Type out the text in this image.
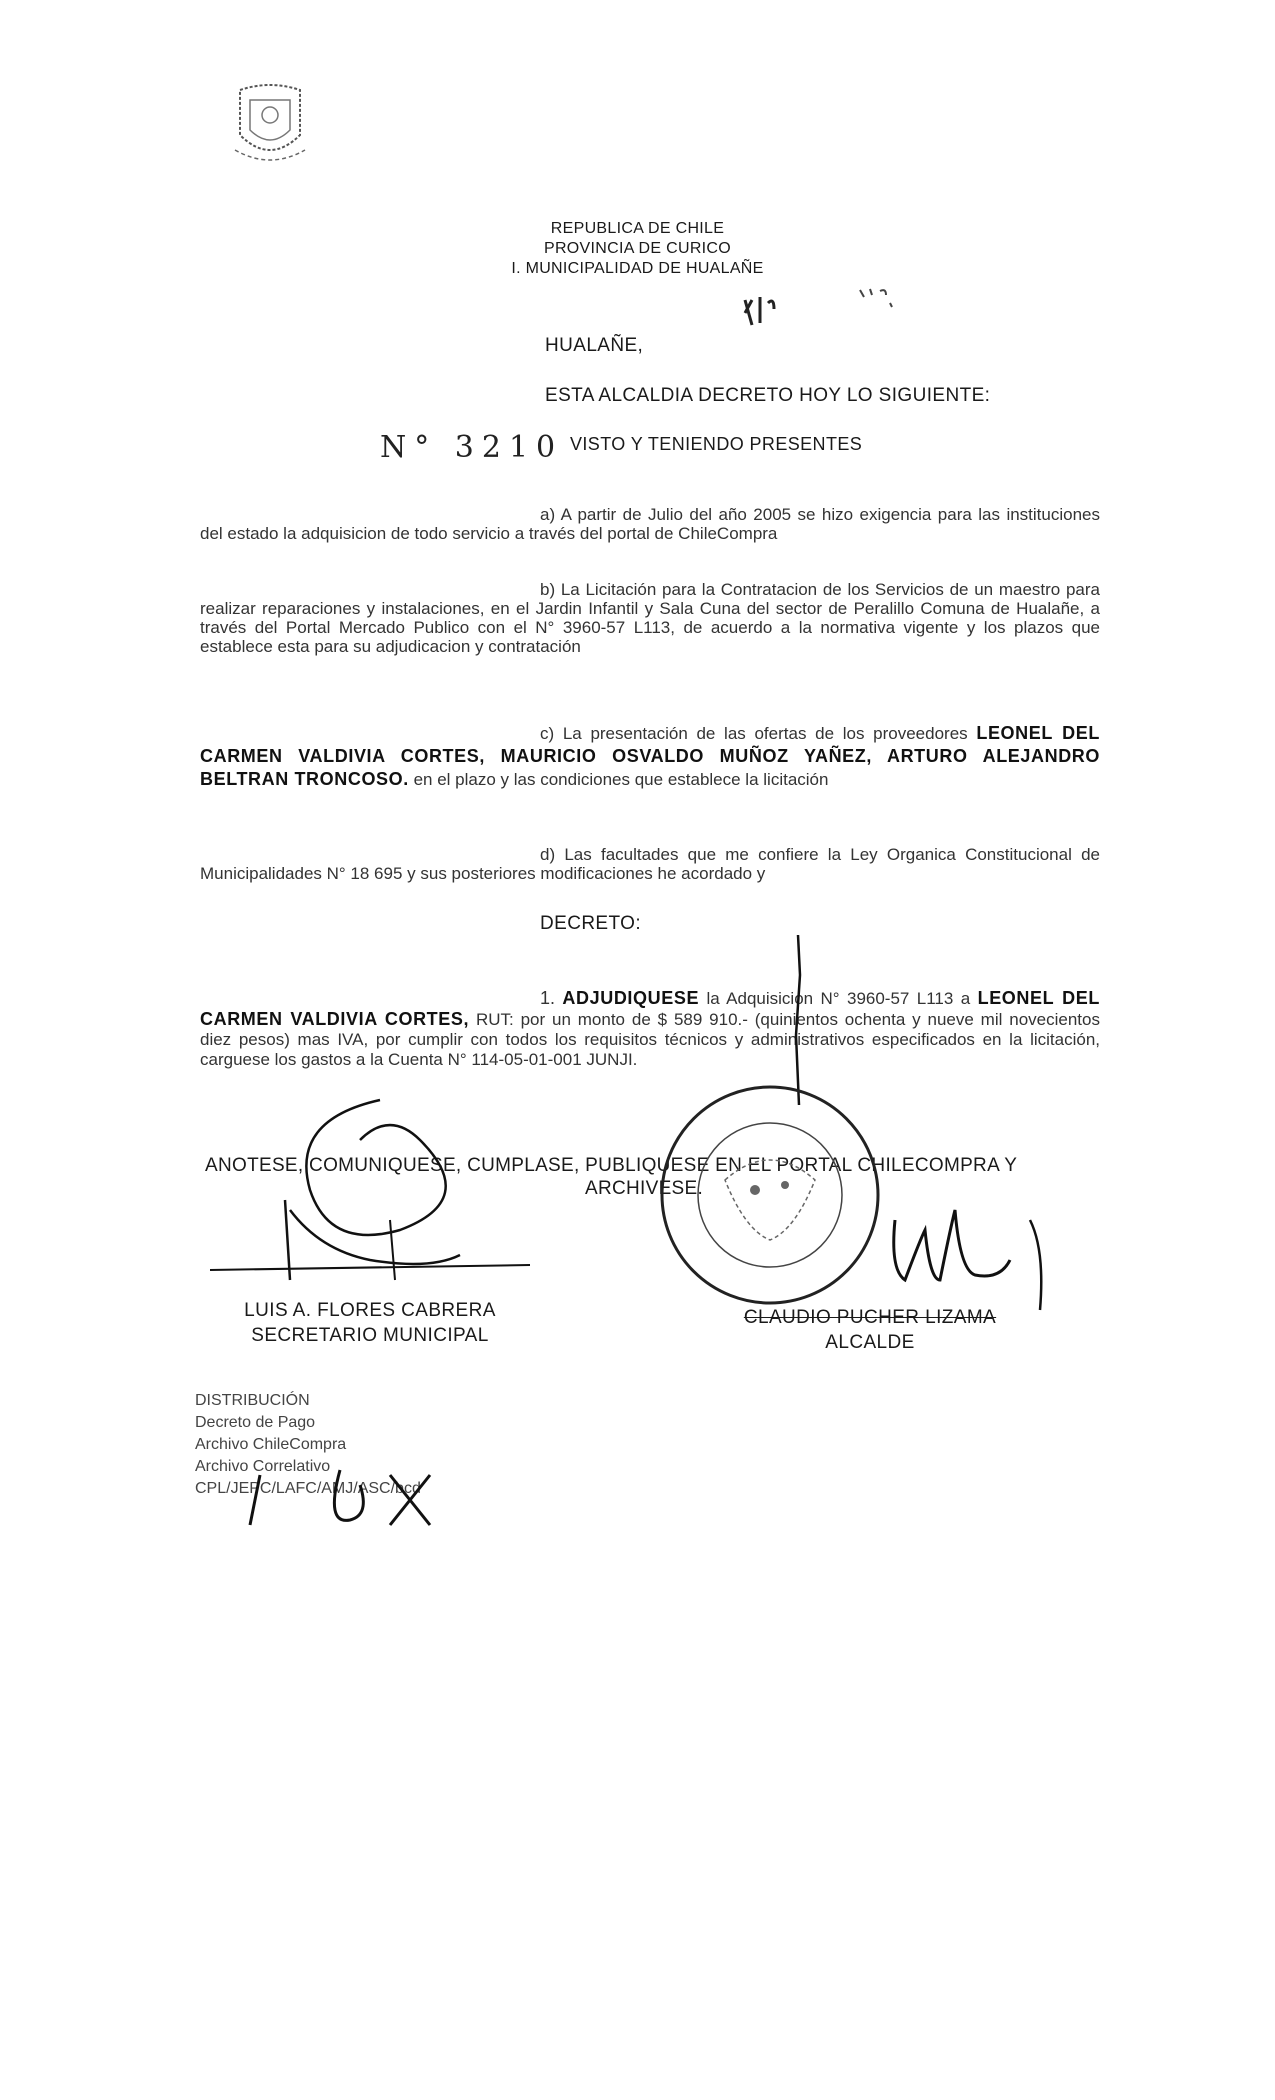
REPUBLICA DE CHILE
PROVINCIA DE CURICO
I. MUNICIPALIDAD DE HUALAÑE
HUALAÑE,
ESTA ALCALDIA DECRETO HOY LO SIGUIENTE:
N° 3210 VISTO Y TENIENDO PRESENTES
a) A partir de Julio del año 2005 se hizo exigencia para las instituciones del estado la adquisicion de todo servicio a través del portal de ChileCompra
b) La Licitación para la Contratacion de los Servicios de un maestro para realizar reparaciones y instalaciones, en el Jardin Infantil y Sala Cuna del sector de Peralillo Comuna de Hualañe, a través del Portal Mercado Publico con el N° 3960-57 L113, de acuerdo a la normativa vigente y los plazos que establece esta para su adjudicacion y contratación
c) La presentación de las ofertas de los proveedores LEONEL DEL CARMEN VALDIVIA CORTES, MAURICIO OSVALDO MUÑOZ YAÑEZ, ARTURO ALEJANDRO BELTRAN TRONCOSO. en el plazo y las condiciones que establece la licitación
d) Las facultades que me confiere la Ley Organica Constitucional de Municipalidades N° 18 695 y sus posteriores modificaciones he acordado y
DECRETO:
1. ADJUDIQUESE la Adquisicion N° 3960-57 L113 a LEONEL DEL CARMEN VALDIVIA CORTES, RUT: por un monto de $ 589 910.- (quinientos ochenta y nueve mil novecientos diez pesos) mas IVA, por cumplir con todos los requisitos técnicos y administrativos especificados en la licitación, carguese los gastos a la Cuenta N° 114-05-01-001 JUNJI.
ANOTESE, COMUNIQUESE, CUMPLASE, PUBLIQUESE EN EL PORTAL CHILECOMPRA Y
ARCHIVESE.
LUIS A. FLORES CABRERA
SECRETARIO MUNICIPAL
CLAUDIO PUCHER LIZAMA
ALCALDE
DISTRIBUCIÓN
Decreto de Pago
Archivo ChileCompra
Archivo Correlativo
CPL/JEPC/LAFC/AMJ/ASC/bcd
